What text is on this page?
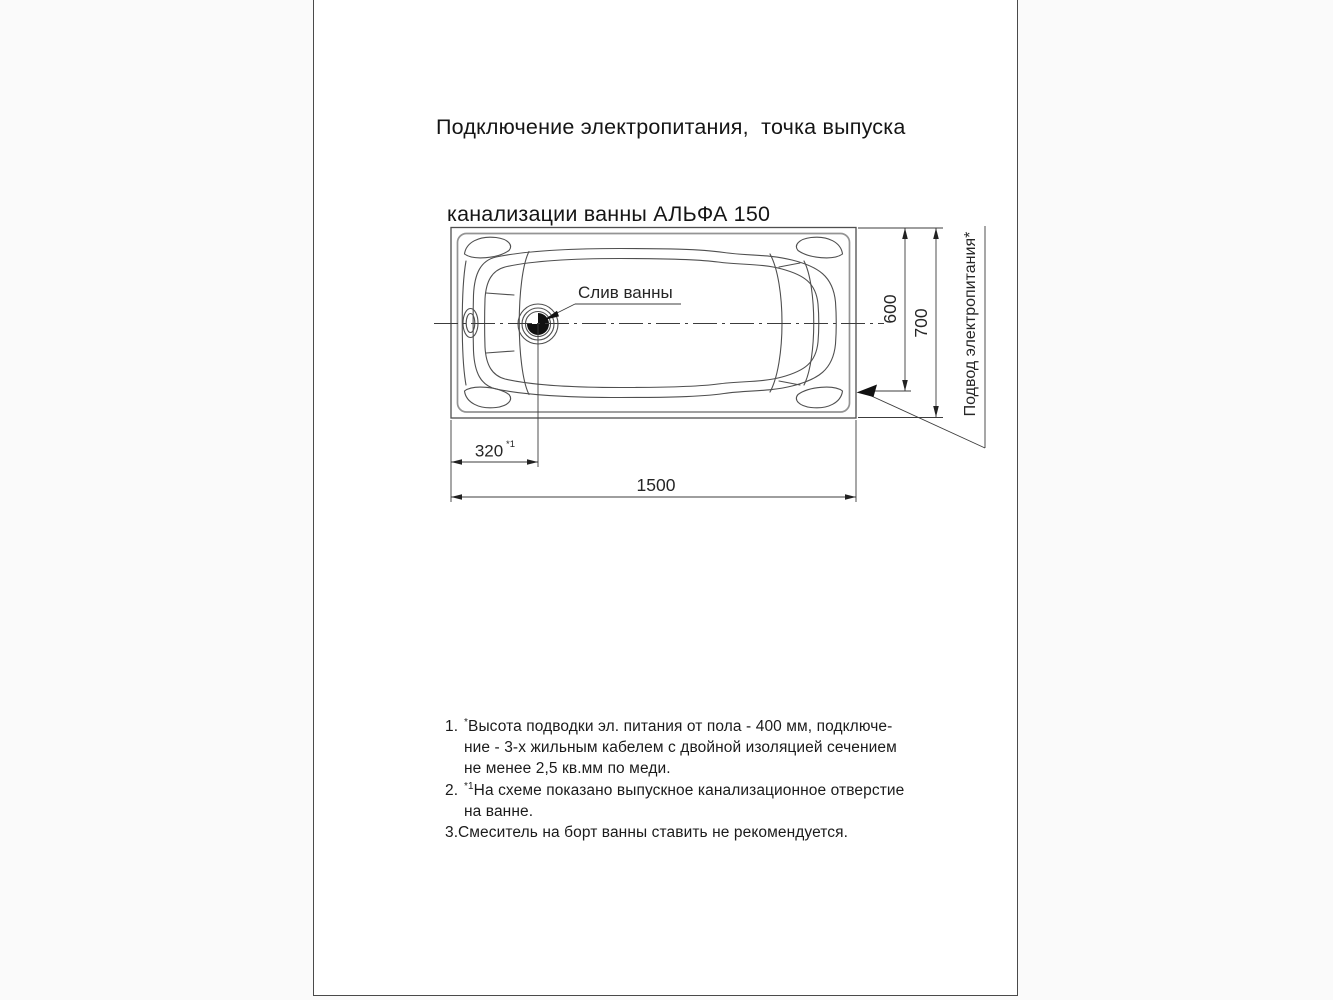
Подключение электропитания,  точка выпуска

канализации ванны АЛЬФА 150

320 *1
1500
600 700
Слив ванны	Подвод электропитания*
1. *Высота подводки эл. питания от пола - 400 мм, подключе-
ние - 3-х жильным кабелем с двойной изоляцией сечением
не менее 2,5 кв.мм по меди.
2. $^{*1}$На схеме показано выпускное канализационное отверстие
на ванне.
3. Смеситель на борт ванны ставить не рекомендуется.
